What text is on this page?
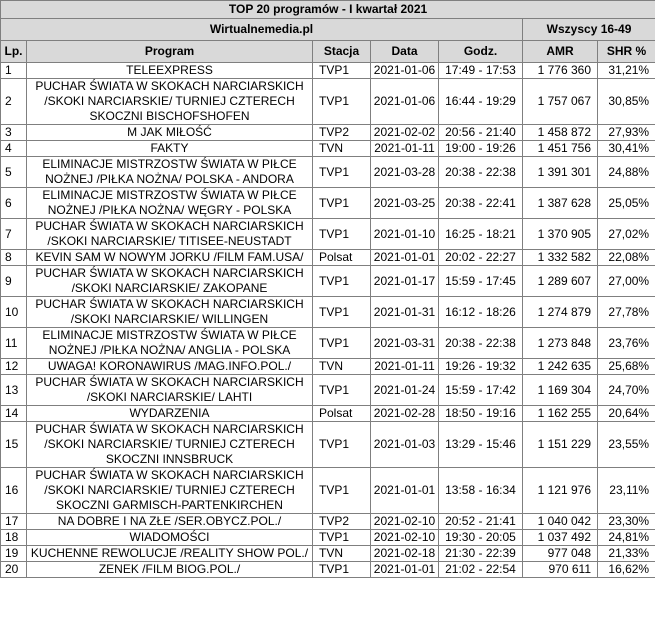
TOP 20 programów - I kwartał 2021						
Wirtualnemedia.pl					Wszyscy 16-49	
Lp.	Program	Stacja	Data	Godz.	AMR	SHR %
1	TELEEXPRESS	TVP1	2021-01-06	17:49 - 17:53	1 776 360	31,21%
2	PUCHAR ŚWIATA W SKOKACH NARCIARSKICH /SKOKI NARCIARSKIE/ TURNIEJ CZTERECH SKOCZNI BISCHOFSHOFEN	TVP1	2021-01-06	16:44 - 19:29	1 757 067	30,85%
3	M JAK MIŁOŚĆ	TVP2	2021-02-02	20:56 - 21:40	1 458 872	27,93%
4	FAKTY	TVN	2021-01-11	19:00 - 19:26	1 451 756	30,41%
5	ELIMINACJE MISTRZOSTW ŚWIATA W PIŁCE NOŻNEJ /PIŁKA NOŻNA/ POLSKA - ANDORA	TVP1	2021-03-28	20:38 - 22:38	1 391 301	24,88%
6	ELIMINACJE MISTRZOSTW ŚWIATA W PIŁCE NOŻNEJ /PIŁKA NOŻNA/ WĘGRY - POLSKA	TVP1	2021-03-25	20:38 - 22:41	1 387 628	25,05%
7	PUCHAR ŚWIATA W SKOKACH NARCIARSKICH /SKOKI NARCIARSKIE/ TITISEE-NEUSTADT	TVP1	2021-01-10	16:25 - 18:21	1 370 905	27,02%
8	KEVIN SAM W NOWYM JORKU /FILM FAM.USA/	Polsat	2021-01-01	20:02 - 22:27	1 332 582	22,08%
9	PUCHAR ŚWIATA W SKOKACH NARCIARSKICH /SKOKI NARCIARSKIE/ ZAKOPANE	TVP1	2021-01-17	15:59 - 17:45	1 289 607	27,00%
10	PUCHAR ŚWIATA W SKOKACH NARCIARSKICH /SKOKI NARCIARSKIE/ WILLINGEN	TVP1	2021-01-31	16:12 - 18:26	1 274 879	27,78%
11	ELIMINACJE MISTRZOSTW ŚWIATA W PIŁCE NOŻNEJ /PIŁKA NOŻNA/ ANGLIA - POLSKA	TVP1	2021-03-31	20:38 - 22:38	1 273 848	23,76%
12	UWAGA! KORONAWIRUS /MAG.INFO.POL./	TVN	2021-01-11	19:26 - 19:32	1 242 635	25,68%
13	PUCHAR ŚWIATA W SKOKACH NARCIARSKICH /SKOKI NARCIARSKIE/ LAHTI	TVP1	2021-01-24	15:59 - 17:42	1 169 304	24,70%
14	WYDARZENIA	Polsat	2021-02-28	18:50 - 19:16	1 162 255	20,64%
15	PUCHAR ŚWIATA W SKOKACH NARCIARSKICH /SKOKI NARCIARSKIE/ TURNIEJ CZTERECH SKOCZNI INNSBRUCK	TVP1	2021-01-03	13:29 - 15:46	1 151 229	23,55%
16	PUCHAR ŚWIATA W SKOKACH NARCIARSKICH /SKOKI NARCIARSKIE/ TURNIEJ CZTERECH SKOCZNI GARMISCH-PARTENKIRCHEN	TVP1	2021-01-01	13:58 - 16:34	1 121 976	23,11%
17	NA DOBRE I NA ZŁE /SER.OBYCZ.POL./	TVP2	2021-02-10	20:52 - 21:41	1 040 042	23,30%
18	WIADOMOŚCI	TVP1	2021-02-10	19:30 - 20:05	1 037 492	24,81%
19	KUCHENNE REWOLUCJE /REALITY SHOW POL./	TVN	2021-02-18	21:30 - 22:39	977 048	21,33%
20	ZENEK /FILM BIOG.POL./	TVP1	2021-01-01	21:02 - 22:54	970 611	16,62%
